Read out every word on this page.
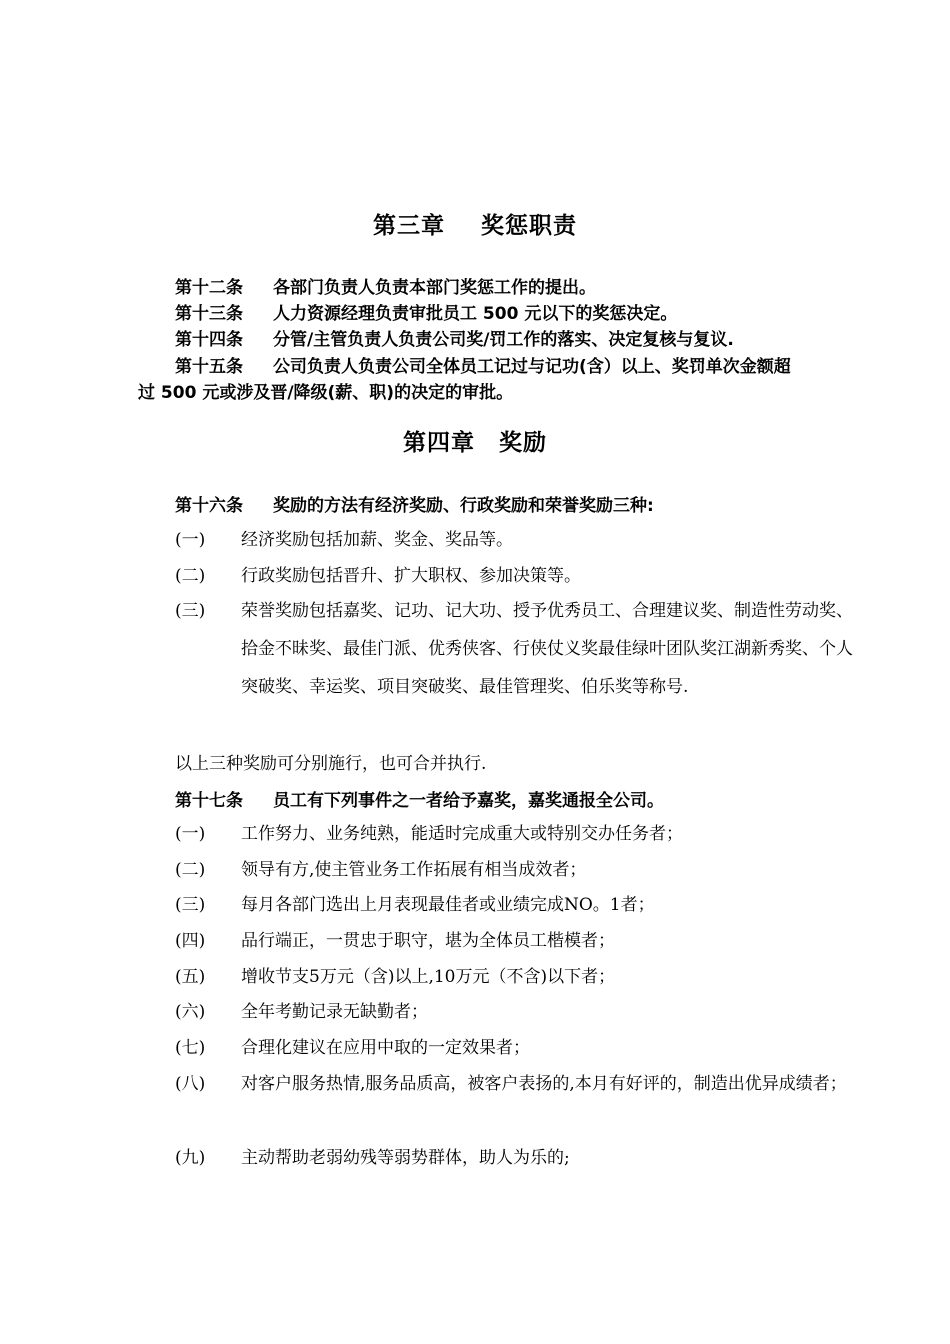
第三章 奖惩职责
第十二条 各部门负责人负责本部门奖惩工作的提出。
第十三条 人力资源经理负责审批员工 500 元以下的奖惩决定。
第十四条 分管/主管负责人负责公司奖/罚工作的落实、决定复核与复议.
第十五条 公司负责人负责公司全体员工记过与记功(含）以上、奖罚单次金额超
过 500 元或涉及晋/降级(薪、职)的决定的审批。
第四章 奖励
第十六条 奖励的方法有经济奖励、行政奖励和荣誉奖励三种:
(一)	经济奖励包括加薪、奖金、奖品等。
(二)	行政奖励包括晋升、扩大职权、参加决策等。
(三)	荣誉奖励包括嘉奖、记功、记大功、授予优秀员工、合理建议奖、制造性劳动奖、拾金不昧奖、最佳门派、优秀侠客、行侠仗义奖最佳绿叶团队奖江湖新秀奖、个人突破奖、幸运奖、项目突破奖、最佳管理奖、伯乐奖等称号.
以上三种奖励可分别施行，也可合并执行.
第十七条 员工有下列事件之一者给予嘉奖，嘉奖通报全公司。
(一)	工作努力、业务纯熟，能适时完成重大或特别交办任务者；
(二)	领导有方,使主管业务工作拓展有相当成效者；
(三)	每月各部门选出上月表现最佳者或业绩完成NO。1者；
(四)	品行端正，一贯忠于职守，堪为全体员工楷模者；
(五)	增收节支5万元（含)以上,10万元（不含)以下者；
(六)	全年考勤记录无缺勤者；
(七)	合理化建议在应用中取的一定效果者；
(八)	对客户服务热情,服务品质高，被客户表扬的,本月有好评的，制造出优异成绩者；
(九)	主动帮助老弱幼残等弱势群体，助人为乐的;
